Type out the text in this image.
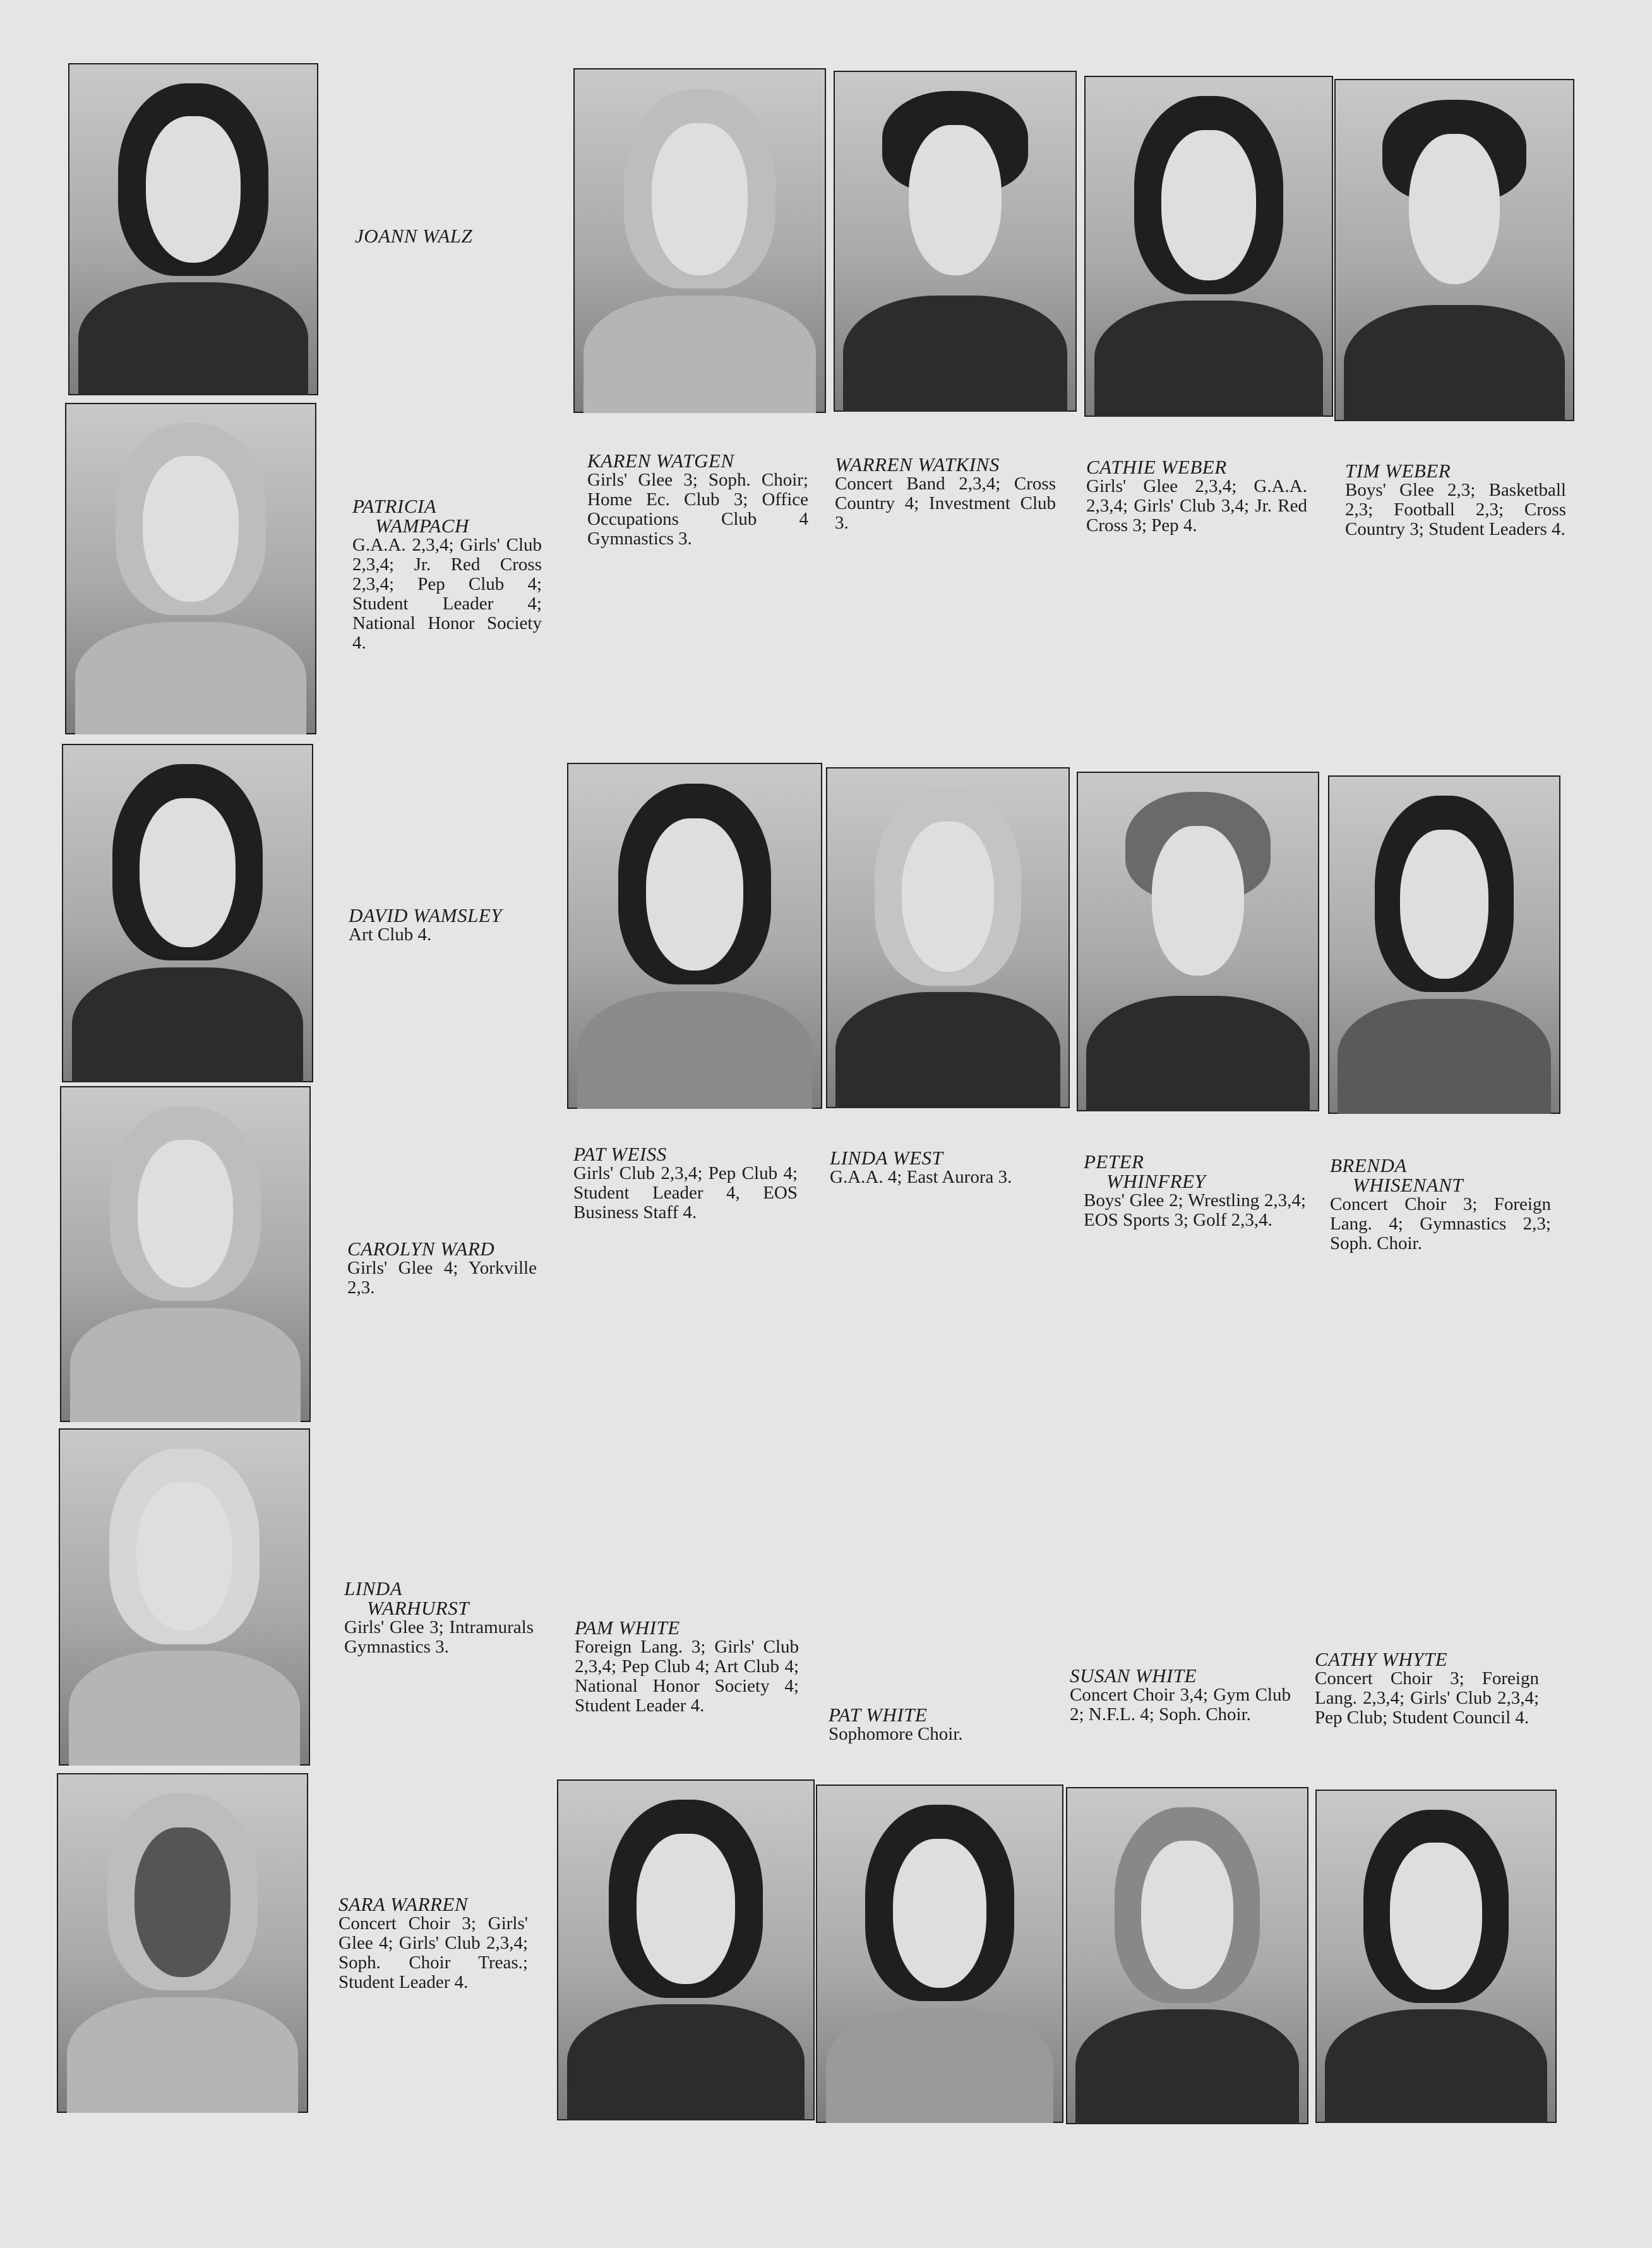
JOANN WALZ
PATRICIA
WAMPACH
G.A.A. 2,3,4; Girls' Club 2,3,4; Jr. Red Cross 2,3,4; Pep Club 4; Student Leader 4; National Honor Society 4.
DAVID WAMSLEY
Art Club 4.
CAROLYN WARD
Girls' Glee 4; Yorkville 2,3.
LINDA
WARHURST
Girls' Glee 3; Intramurals Gymnastics 3.
SARA WARREN
Concert Choir 3; Girls' Glee 4; Girls' Club 2,3,4; Soph. Choir Treas.; Student Leader 4.
KAREN WATGEN
Girls' Glee 3; Soph. Choir; Home Ec. Club 3; Office Occupations Club 4 Gymnastics 3.
WARREN WATKINS
Concert Band 2,3,4; Cross Country 4; Investment Club 3.
CATHIE WEBER
Girls' Glee 2,3,4; G.A.A. 2,3,4; Girls' Club 3,4; Jr. Red Cross 3; Pep 4.
TIM WEBER
Boys' Glee 2,3; Basketball 2,3; Football 2,3; Cross Country 3; Student Leaders 4.
PAT WEISS
Girls' Club 2,3,4; Pep Club 4; Student Leader 4, EOS Business Staff 4.
LINDA WEST
G.A.A. 4; East Aurora 3.
PETER
WHINFREY
Boys' Glee 2; Wrestling 2,3,4; EOS Sports 3; Golf 2,3,4.
BRENDA
WHISENANT
Concert Choir 3; Foreign Lang. 4; Gymnastics 2,3; Soph. Choir.
PAM WHITE
Foreign Lang. 3; Girls' Club 2,3,4; Pep Club 4; Art Club 4; National Honor Society 4; Student Leader 4.	PAT WHITE
Sophomore Choir.
SUSAN WHITE
Concert Choir 3,4; Gym Club 2; N.F.L. 4; Soph. Choir.
CATHY WHYTE
Concert Choir 3; Foreign Lang. 2,3,4; Girls' Club 2,3,4; Pep Club; Student Council 4.
